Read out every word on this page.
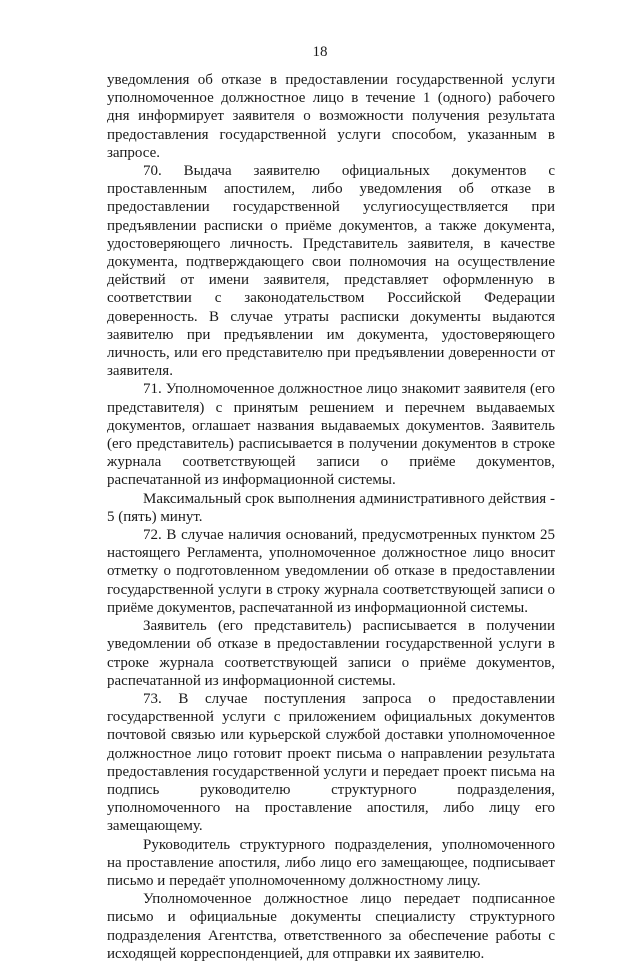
18

уведомления об отказе в предоставлении государственной услуги уполномоченное должностное лицо в течение 1 (одного) рабочего дня информирует заявителя о возможности получения результата предоставления государственной услуги способом, указанным в запросе.

70. Выдача заявителю официальных документов с проставленным апостилем, либо уведомления об отказе в предоставлении государственной услугиосуществляется при предъявлении расписки о приёме документов, а также документа, удостоверяющего личность. Представитель заявителя, в качестве документа, подтверждающего свои полномочия на осуществление действий от имени заявителя, представляет оформленную в соответствии с законодательством Российской Федерации доверенность. В случае утраты расписки документы выдаются заявителю при предъявлении им документа, удостоверяющего личность, или его представителю при предъявлении доверенности от заявителя.

71. Уполномоченное должностное лицо знакомит заявителя (его представителя) с принятым решением и перечнем выдаваемых документов, оглашает названия выдаваемых документов. Заявитель (его представитель) расписывается в получении документов в строке журнала соответствующей записи о приёме документов, распечатанной из информационной системы.

Максимальный срок выполнения административного действия - 5 (пять) минут.

72. В случае наличия оснований, предусмотренных пунктом 25 настоящего Регламента, уполномоченное должностное лицо вносит отметку о подготовленном уведомлении об отказе в предоставлении государственной услуги в строку журнала соответствующей записи о приёме документов, распечатанной из информационной системы.

Заявитель (его представитель) расписывается в получении уведомлении об отказе в предоставлении государственной услуги в строке журнала соответствующей записи о приёме документов, распечатанной из информационной системы.

73. В случае поступления запроса о предоставлении государственной услуги с приложением официальных документов почтовой связью или курьерской службой доставки уполномоченное должностное лицо готовит проект письма о направлении результата предоставления государственной услуги и передает проект письма на подпись руководителю структурного подразделения, уполномоченного на проставление апостиля, либо лицу его замещающему.

Руководитель структурного подразделения, уполномоченного на проставление апостиля, либо лицо его замещающее, подписывает письмо и передаёт уполномоченному должностному лицу.

Уполномоченное должностное лицо передает подписанное письмо и официальные документы специалисту структурного подразделения Агентства, ответственного за обеспечение работы с исходящей корреспонденцией, для отправки их заявителю.
